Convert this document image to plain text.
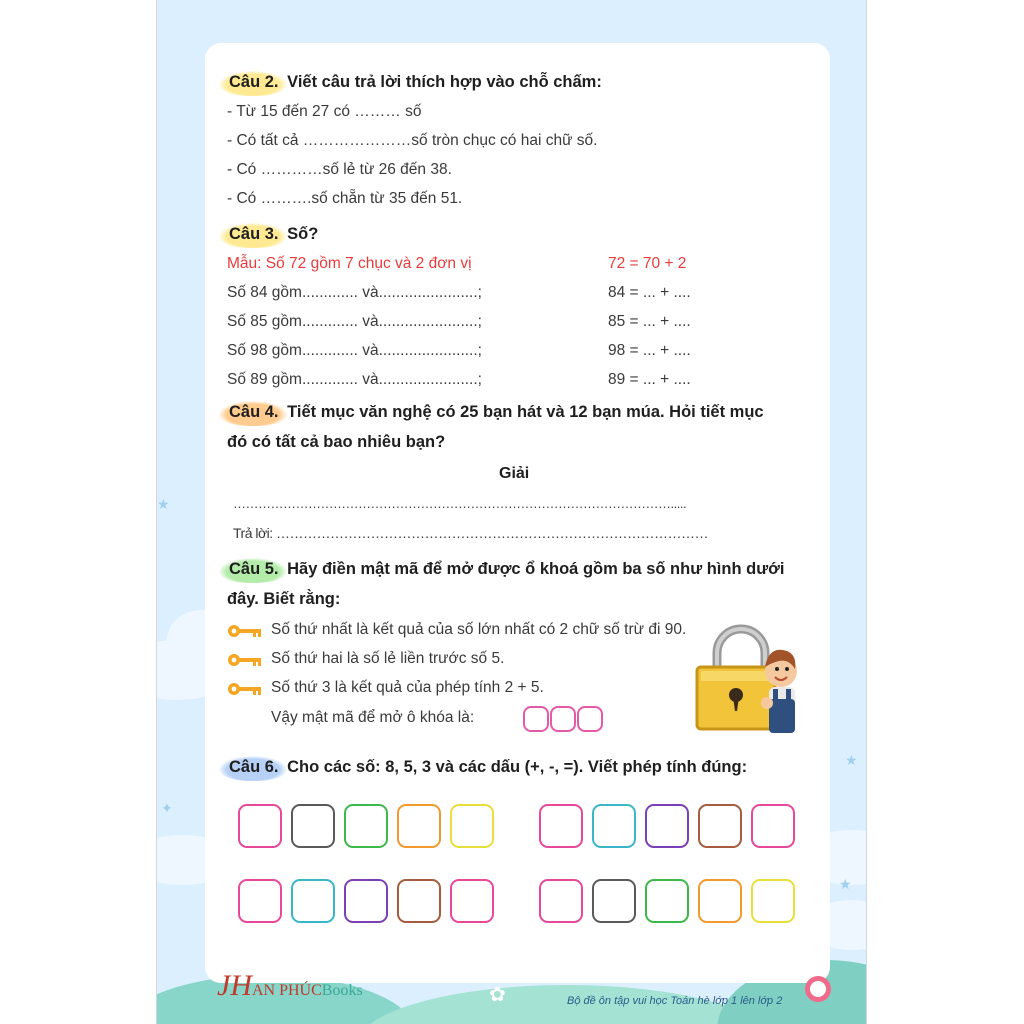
★
★
★
✦
Câu 2. Viết câu trả lời thích hợp vào chỗ chấm:
- Từ 15 đến 27 có ……… số
- Có tất cả …………………số tròn chục có hai chữ số.
- Có …………số lẻ từ 26 đến 38.
- Có ……….số chẵn từ 35 đến 51.
Câu 3. Số?
Mẫu: Số 72 gồm 7 chục và 2 đơn vị	72 = 70 + 2
Số 84 gồm............. và.......................;	84 = ... + ....
Số 85 gồm............. và.......................;	85 = ... + ....
Số 98 gồm............. và.......................;	98 = ... + ....
Số 89 gồm............. và.......................;	89 = ... + ....
Câu 4. Tiết mục văn nghệ có 25 bạn hát và 12 bạn múa. Hỏi tiết mục
đó có tất cả bao nhiêu bạn?
Giải
…………………………………………………………………………………………….....
Trả lời: ……………………………………………………………………………………
Câu 5. Hãy điền mật mã để mở được ổ khoá gồm ba số như hình dưới
đây. Biết rằng:
Số thứ nhất là kết quả của số lớn nhất có 2 chữ số trừ đi 90.
Số thứ hai là số lẻ liền trước số 5.
Số thứ 3 là kết quả của phép tính 2 + 5.
Vậy mật mã để mở ô khóa là:
Câu 6. Cho các số: 8, 5, 3 và các dấu (+, -, =). Viết phép tính đúng:
JHAN PHÚCBooks	✿	Bộ đề ôn tập vui học Toán hè lớp 1 lên lớp 2
